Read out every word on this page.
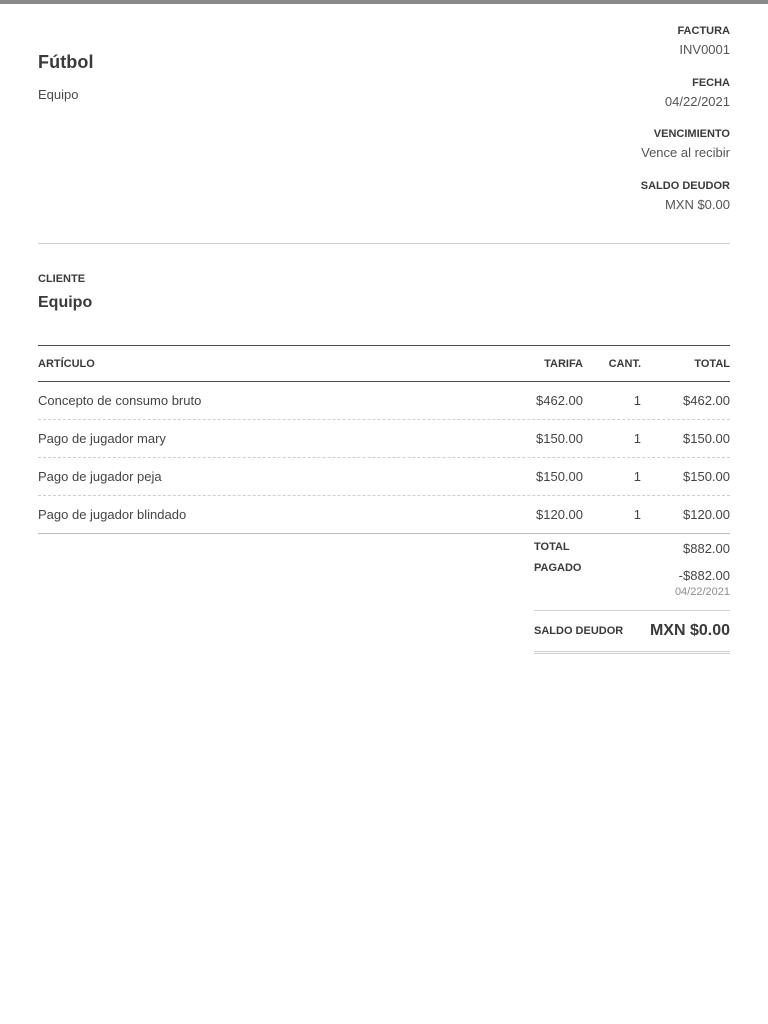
Fútbol
Equipo
FACTURA
INV0001
FECHA
04/22/2021
VENCIMIENTO
Vence al recibir
SALDO DEUDOR
MXN $0.00
CLIENTE
Equipo
ARTÍCULO	TARIFA	CANT.	TOTAL
Concepto de consumo bruto	$462.00	1	$462.00
Pago de jugador mary	$150.00	1	$150.00
Pago de jugador peja	$150.00	1	$150.00
Pago de jugador blindado	$120.00	1	$120.00
TOTAL	$882.00
PAGADO	-$882.00
04/22/2021
SALDO DEUDOR MXN $0.00
